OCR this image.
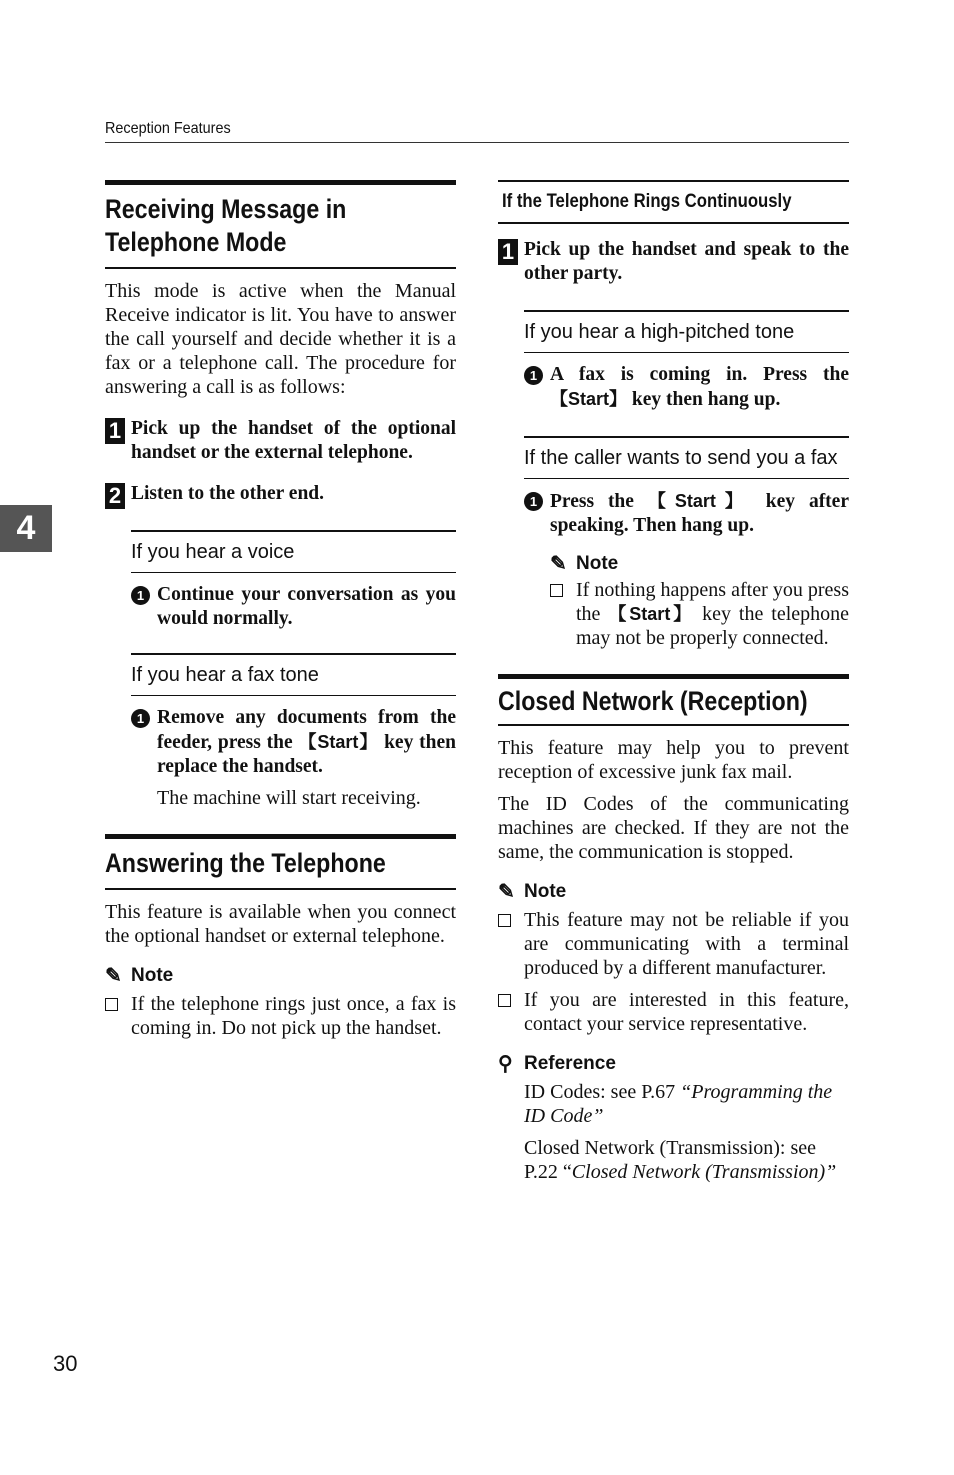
Reception Features
4
30
Receiving Message in
Telephone Mode

This mode is active when the Manual Receive indicator is lit. You have to answer the call yourself and decide whether it is a fax or a telephone call. The procedure for answering a call is as follows:

1 Pick up the handset of the optional handset or the external telephone.
2 Listen to the other end.
If you hear a voice
1 Continue your conversation as you would normally.
If you hear a fax tone
1 Remove any documents from the feeder, press the 【Start】 key then replace the handset.

The machine will start receiving.

Answering the Telephone

This feature is available when you connect the optional handset or external telephone.

✎ Note
If the telephone rings just once, a fax is coming in. Do not pick up the handset.
If the Telephone Rings Continuously
1 Pick up the handset and speak to the other party.
If you hear a high-pitched tone
1 A fax is coming in. Press the 【Start】 key then hang up.
If the caller wants to send you a fax
1 Press the 【Start】 key after speaking. Then hang up.
✎ Note
If nothing happens after you press the 【Start】 key the telephone may not be properly connected.
Closed Network (Reception)

This feature may help you to prevent reception of excessive junk fax mail.

The ID Codes of the communicating machines are checked. If they are not the same, the communication is stopped.

✎ Note
This feature may not be reliable if you are communicating with a terminal produced by a different manufacturer.
If you are interested in this feature, contact your service representative.
⚲ Reference

ID Codes: see P.67 “Programming the ID Code”

Closed Network (Transmission): see P.22 “Closed Network (Transmission)”
